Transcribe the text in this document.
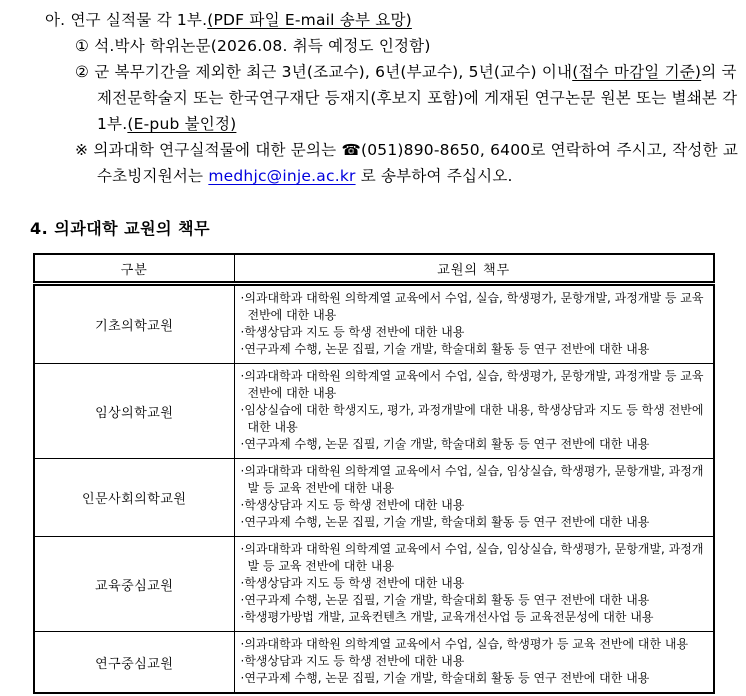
아. 연구 실적물 각 1부.(PDF 파일 E-mail 송부 요망)
① 석.박사 학위논문(2026.08. 취득 예정도 인정함)
② 군 복무기간을 제외한 최근 3년(조교수), 6년(부교수), 5년(교수) 이내(접수 마감일 기준)의 국제전문학술지 또는 한국연구재단 등재지(후보지 포함)에 게재된 연구논문 원본 또는 별쇄본 각 1부.(E-pub 불인정)
※ 의과대학 연구실적물에 대한 문의는 ☎(051)890-8650, 6400로 연락하여 주시고, 작성한 교수초빙지원서는 medhjc@inje.ac.kr 로 송부하여 주십시오.
4. 의과대학 교원의 책무
구분	교원의 책무
기초의학교원	·의과대학과 대학원 의학계열 교육에서 수업, 실습, 학생평가, 문항개발, 과정개발 등 교육 전반에 대한 내용
·학생상담과 지도 등 학생 전반에 대한 내용
·연구과제 수행, 논문 집필, 기술 개발, 학술대회 활동 등 연구 전반에 대한 내용

임상의학교원	·의과대학과 대학원 의학계열 교육에서 수업, 실습, 학생평가, 문항개발, 과정개발 등 교육 전반에 대한 내용
·임상실습에 대한 학생지도, 평가, 과정개발에 대한 내용, 학생상담과 지도 등 학생 전반에 대한 내용
·연구과제 수행, 논문 집필, 기술 개발, 학술대회 활동 등 연구 전반에 대한 내용

인문사회의학교원	·의과대학과 대학원 의학계열 교육에서 수업, 실습, 임상실습, 학생평가, 문항개발, 과정개발 등 교육 전반에 대한 내용
·학생상담과 지도 등 학생 전반에 대한 내용
·연구과제 수행, 논문 집필, 기술 개발, 학술대회 활동 등 연구 전반에 대한 내용

교육중심교원	·의과대학과 대학원 의학계열 교육에서 수업, 실습, 임상실습, 학생평가, 문항개발, 과정개발 등 교육 전반에 대한 내용
·학생상담과 지도 등 학생 전반에 대한 내용
·연구과제 수행, 논문 집필, 기술 개발, 학술대회 활동 등 연구 전반에 대한 내용
·학생평가방법 개발, 교육컨텐츠 개발, 교육개선사업 등 교육전문성에 대한 내용

연구중심교원	·의과대학과 대학원 의학계열 교육에서 수업, 실습, 학생평가 등 교육 전반에 대한 내용
·학생상담과 지도 등 학생 전반에 대한 내용
·연구과제 수행, 논문 집필, 기술 개발, 학술대회 활동 등 연구 전반에 대한 내용
